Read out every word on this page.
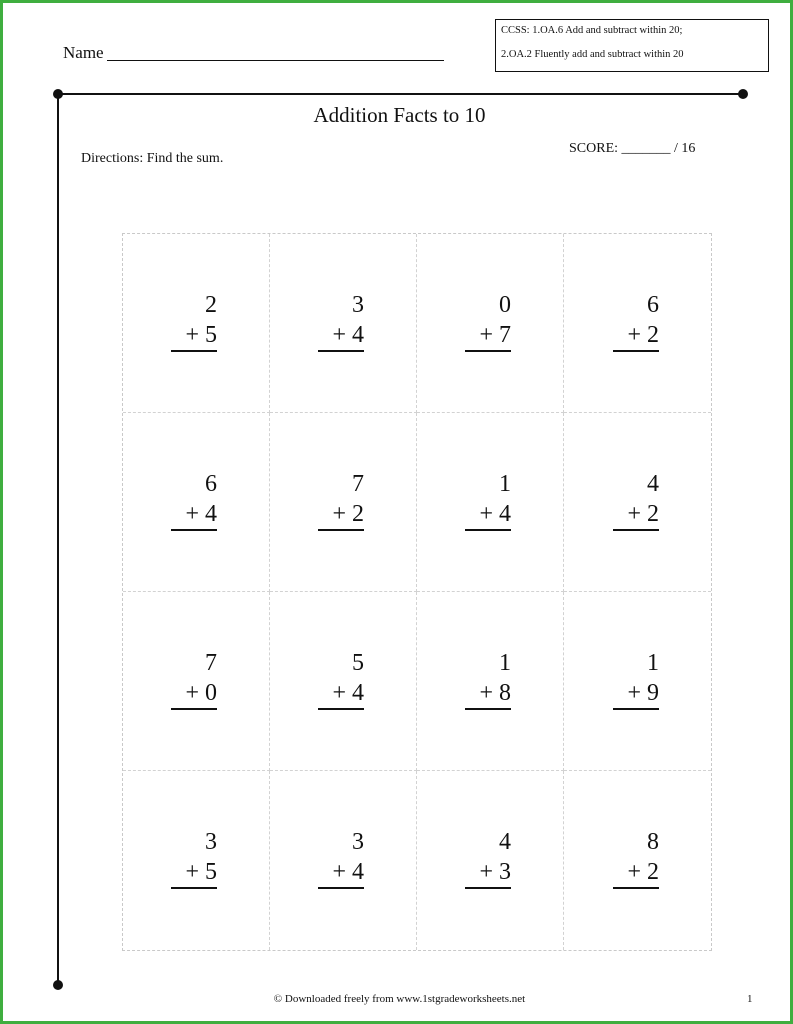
Name
CCSS: 1.OA.6 Add and subtract within 20;
2.OA.2 Fluently add and subtract within 20
Addition Facts to 10
Directions: Find the sum.
SCORE: _______ / 16
2
+ 5
3
+ 4
0
+ 7
6
+ 2
6
+ 4
7
+ 2
1
+ 4
4
+ 2
7
+ 0
5
+ 4
1
+ 8
1
+ 9
3
+ 5
3
+ 4
4
+ 3
8
+ 2
© Downloaded freely from www.1stgradeworksheets.net	1
